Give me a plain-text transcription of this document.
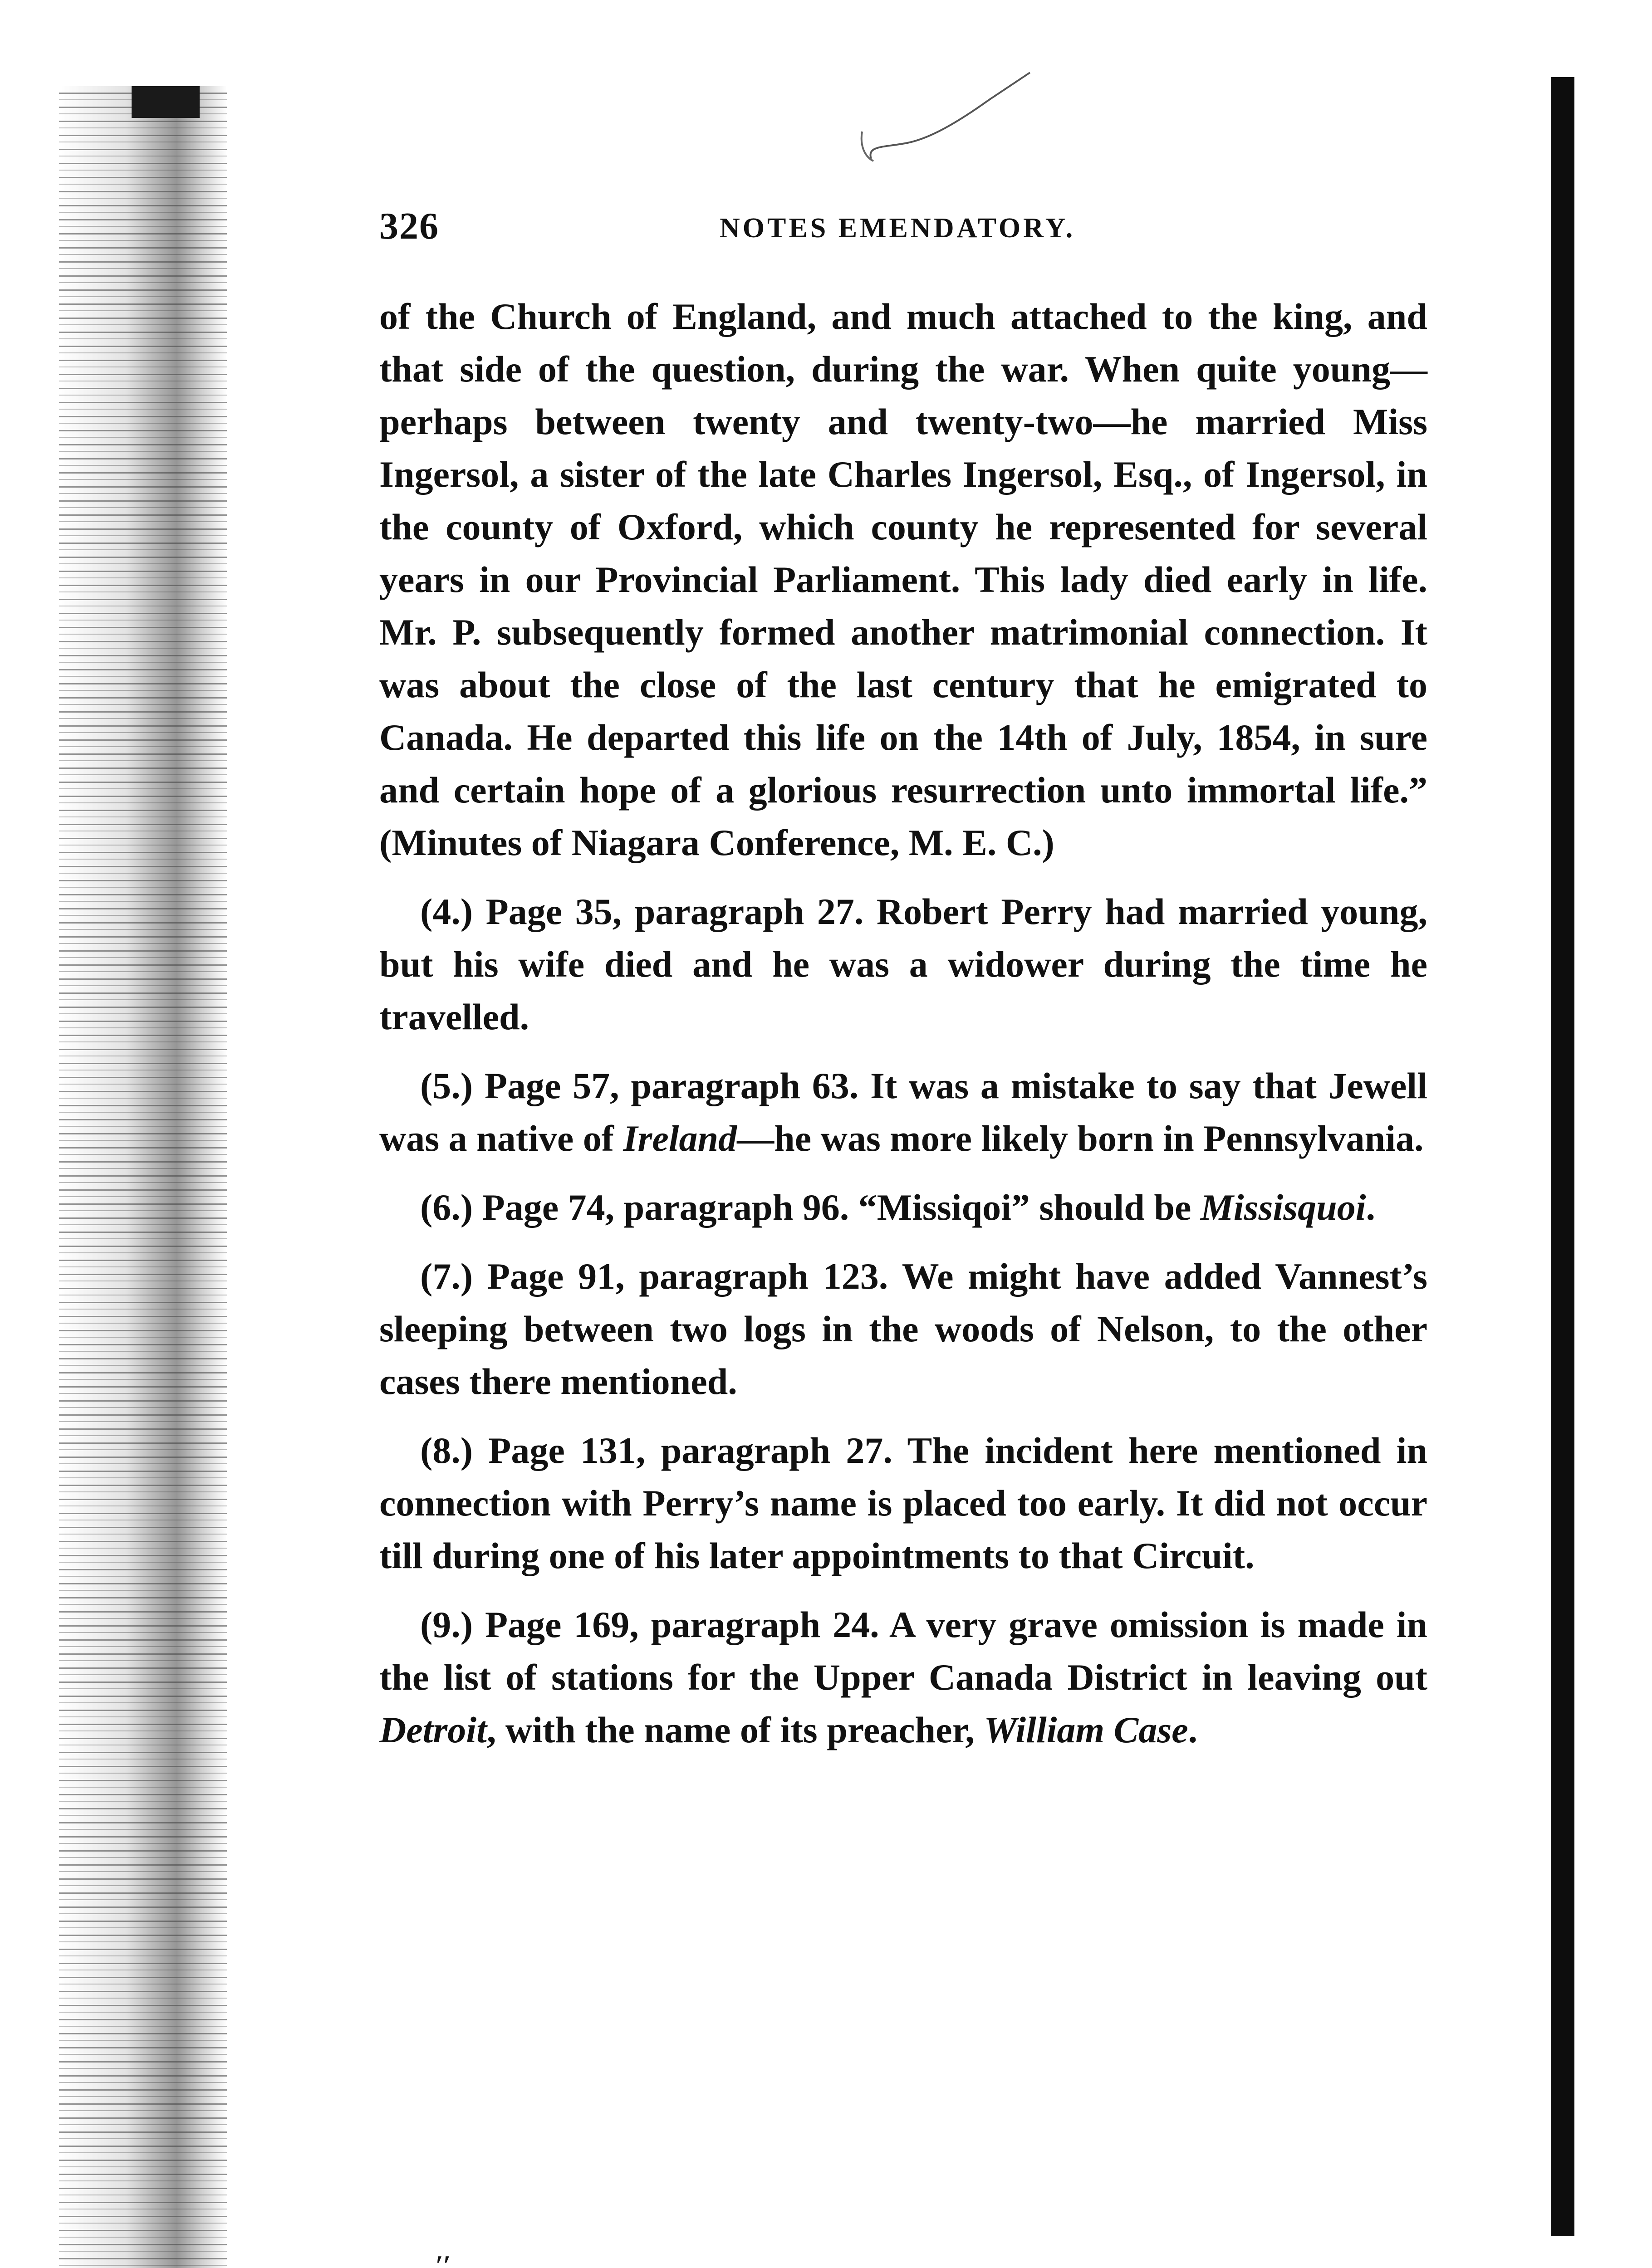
326	NOTES EMENDATORY.

of the Church of England, and much attached to the king, and that side of the question, during the war. When quite young—perhaps between twenty and twenty-two—he married Miss Ingersol, a sister of the late Charles Ingersol, Esq., of Ingersol, in the county of Oxford, which county he represented for several years in our Provincial Parliament. This lady died early in life. Mr. P. subsequently formed another matrimonial connection. It was about the close of the last century that he emigrated to Canada. He departed this life on the 14th of July, 1854, in sure and certain hope of a glorious resurrection unto immortal life.” (Minutes of Niagara Conference, M. E. C.)

(4.) Page 35, paragraph 27. Robert Perry had married young, but his wife died and he was a widower during the time he travelled.

(5.) Page 57, paragraph 63. It was a mistake to say that Jewell was a native of Ireland—he was more likely born in Pennsylvania.

(6.) Page 74, paragraph 96. “Missiqoi” should be Missisquoi.

(7.) Page 91, paragraph 123. We might have added Vannest’s sleeping between two logs in the woods of Nelson, to the other cases there mentioned.

(8.) Page 131, paragraph 27. The incident here mentioned in connection with Perry’s name is placed too early. It did not occur till during one of his later appointments to that Circuit.

(9.) Page 169, paragraph 24. A very grave omission is made in the list of stations for the Upper Canada District in leaving out Detroit, with the name of its preacher, William Case.

′′
